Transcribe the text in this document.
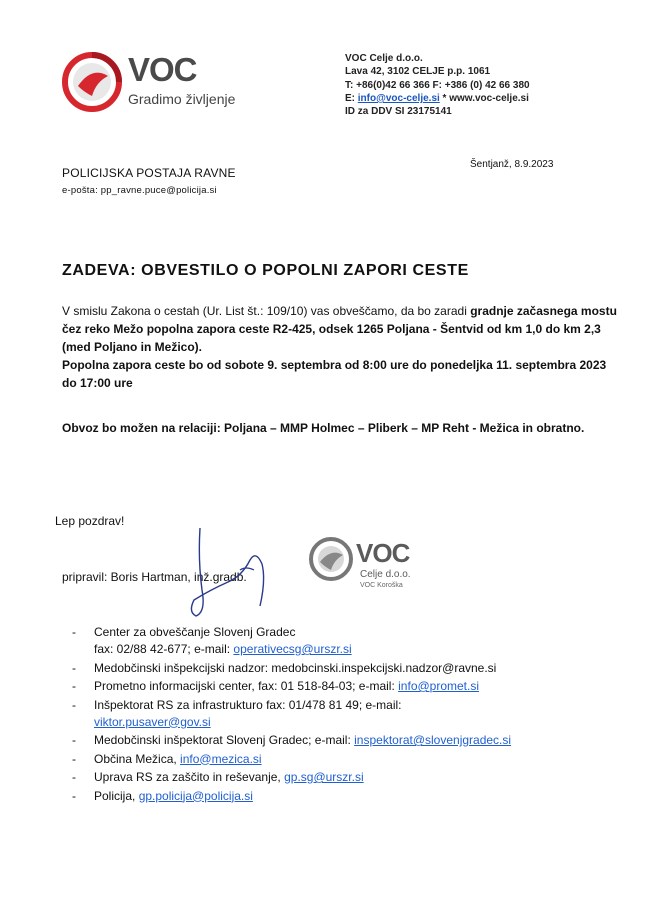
VOC
Gradimo življenje
VOC Celje d.o.o.
Lava 42, 3102 CELJE p.p. 1061
T: +86(0)42 66 366 F: +386 (0) 42 66 380
E: info@voc-celje.si * www.voc-celje.si
ID za DDV SI 23175141
POLICIJSKA POSTAJA RAVNE
e-pošta: pp_ravne.puce@policija.si
Šentjanž, 8.9.2023
ZADEVA: OBVESTILO O POPOLNI ZAPORI CESTE
V smislu Zakona o cestah (Ur. List št.: 109/10) vas obveščamo, da bo zaradi gradnje začasnega mostu čez reko Mežo popolna zapora ceste R2-425, odsek 1265 Poljana - Šentvid od km 1,0 do km 2,3 (med Poljano in Mežico).
Popolna zapora ceste bo od sobote 9. septembra od 8:00 ure do ponedeljka 11. septembra 2023 do 17:00 ure
Obvoz bo možen na relaciji: Poljana – MMP Holmec – Pliberk – MP Reht - Mežica in obratno.
Lep pozdrav!
pripravil: Boris Hartman, inž.gradb.
VOC
Celje d.o.o.
VOC Koroška
- Center za obveščanje Slovenj Gradec
fax: 02/88 42-677; e-mail: operativecsg@urszr.si
- Medobčinski inšpekcijski nadzor: medobcinski.inspekcijski.nadzor@ravne.si
- Prometno informacijski center, fax: 01 518-84-03; e-mail: info@promet.si
- Inšpektorat RS za infrastrukturo fax: 01/478 81 49; e-mail:
viktor.pusaver@gov.si
- Medobčinski inšpektorat Slovenj Gradec; e-mail: inspektorat@slovenjgradec.si
- Občina Mežica, info@mezica.si
- Uprava RS za zaščito in reševanje, gp.sg@urszr.si
- Policija, gp.policija@policija.si
